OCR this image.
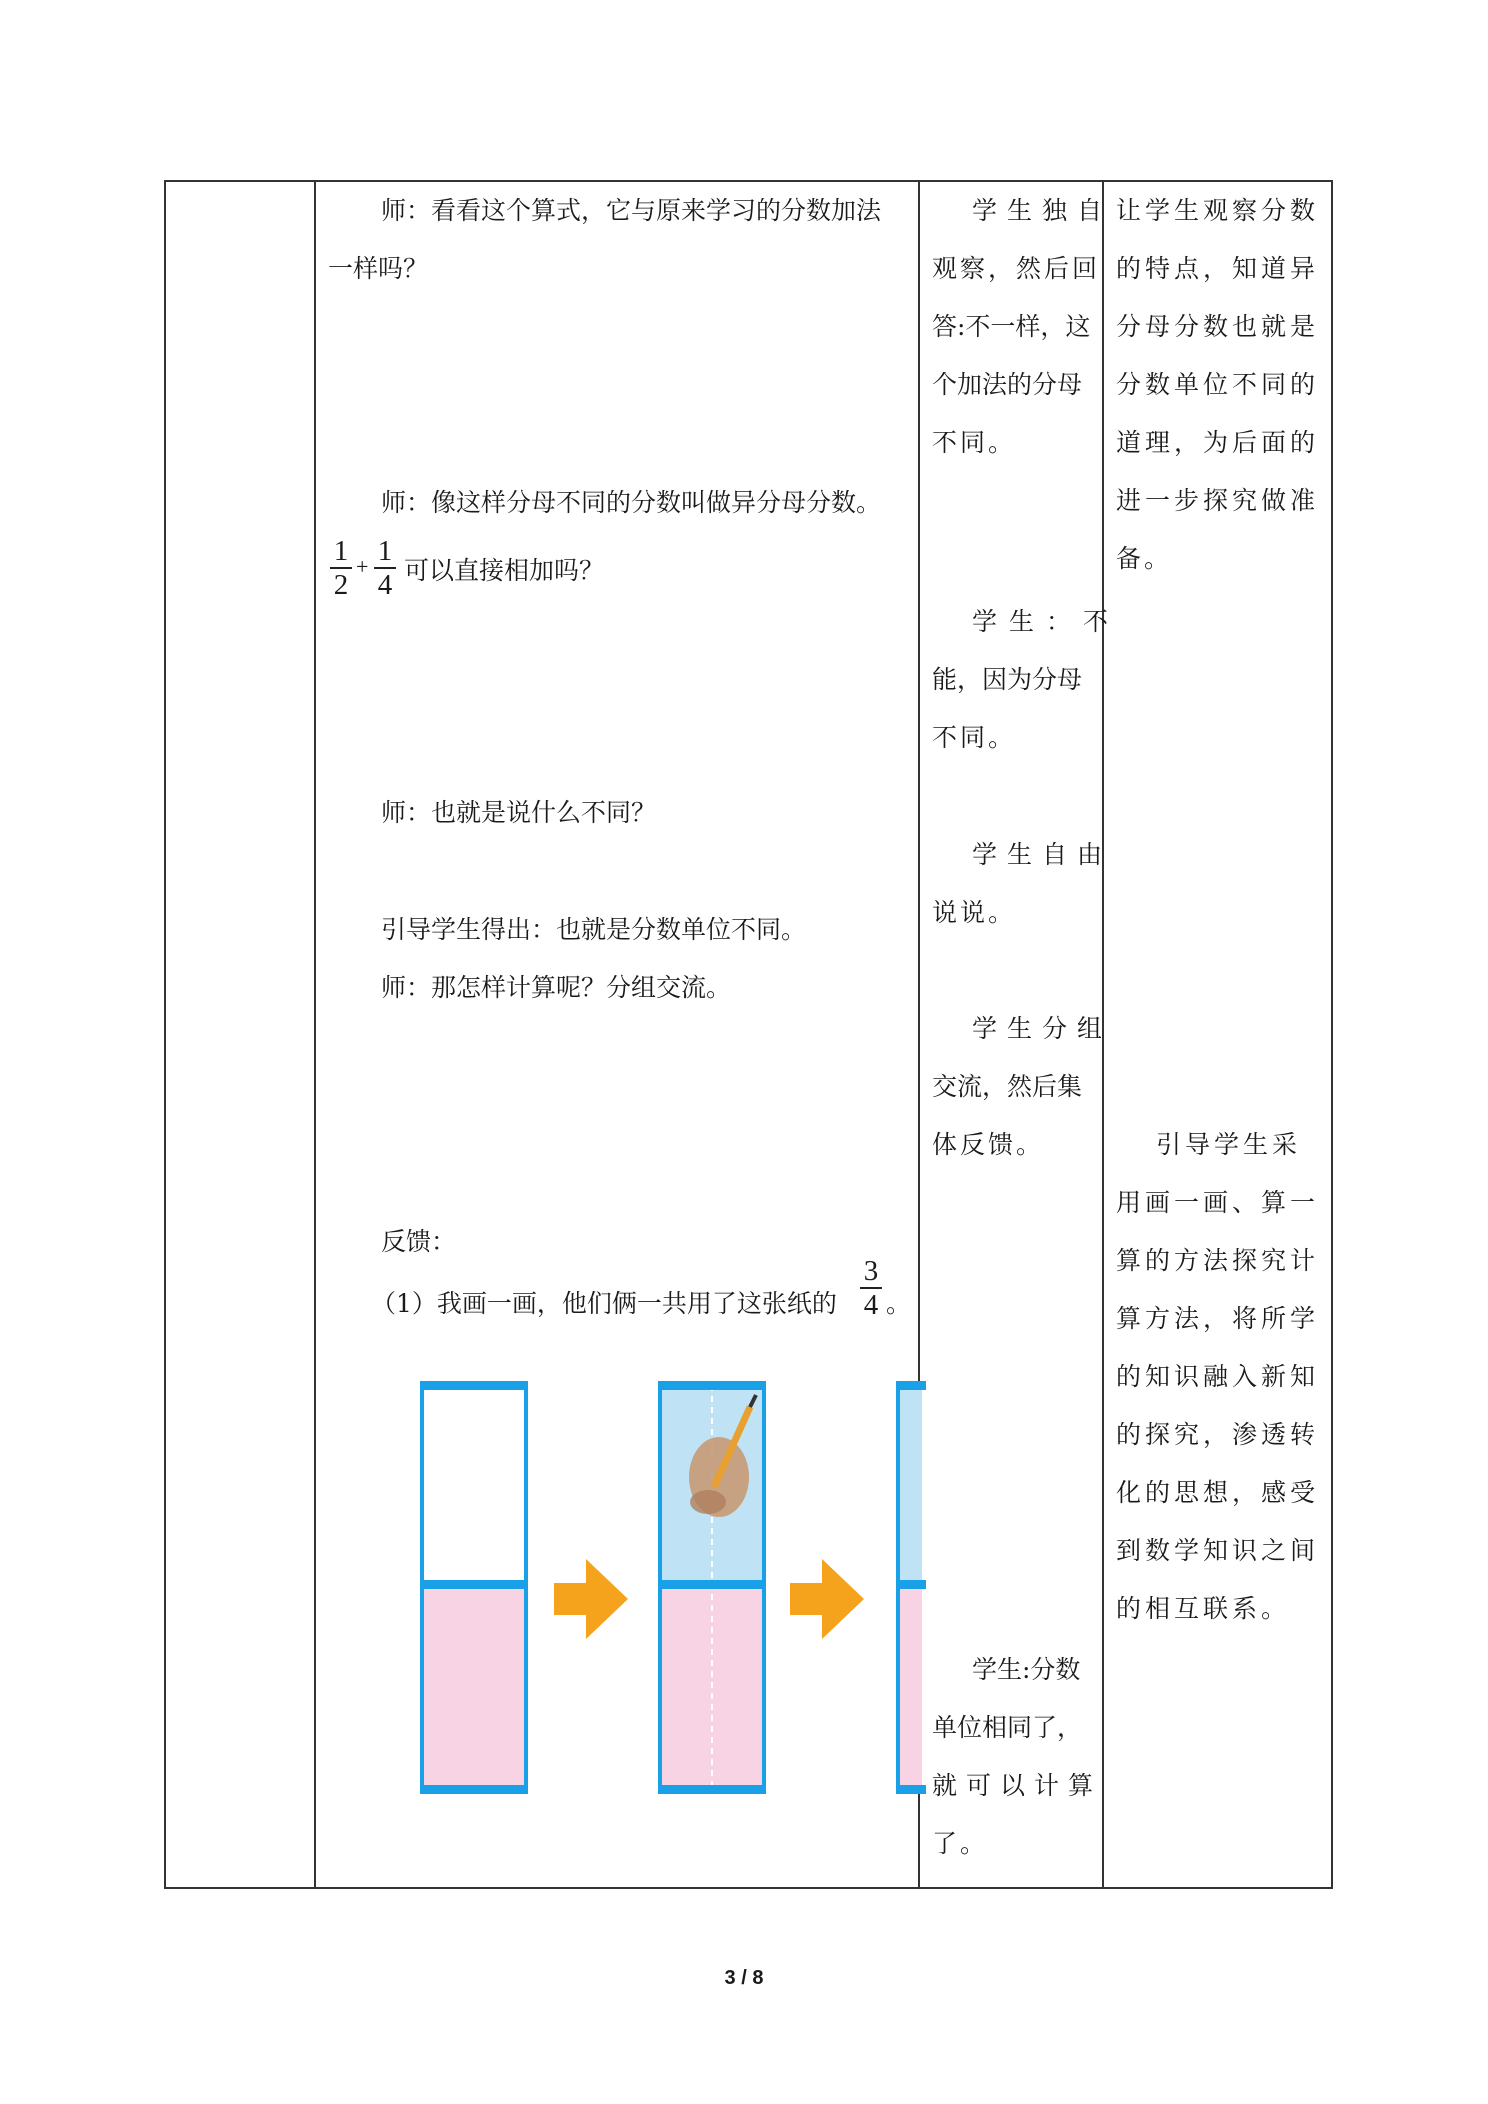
师：看看这个算式，它与原来学习的分数加法
一样吗？
师：像这样分母不同的分数叫做异分母分数。
1
2
+ 1
4 可以直接相加吗？
师：也就是说什么不同？
引导学生得出：也就是分数单位不同。
师：那怎样计算呢？分组交流。
反馈：
（1）我画一画，他们俩一共用了这张纸的
3
4 。
学生独自
观察，然后回
答:不一样，这
个加法的分母
不同。
学生：不
能，因为分母
不同。
学生自由
说说。
学生分组
交流，然后集
体反馈。
学生:分数
单位相同了，
就可以计算
了。
让学生观察分数
的特点，知道异
分母分数也就是
分数单位不同的
道理，为后面的
进一步探究做准
备。
引导学生采
用画一画、算一
算的方法探究计
算方法，将所学
的知识融入新知
的探究，渗透转
化的思想，感受
到数学知识之间
的相互联系。
3 / 8
